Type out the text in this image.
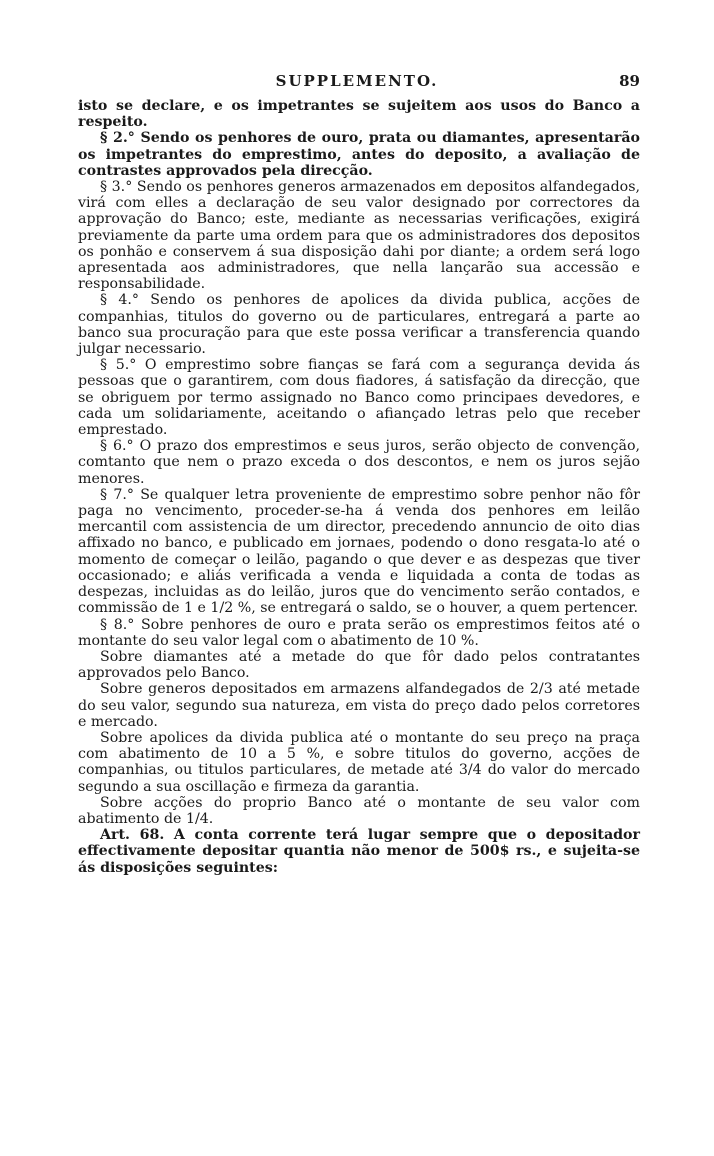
SUPPLEMENTO.	89

isto se declare, e os impetrantes se sujeitem aos usos do Banco a respeito.

§ 2.° Sendo os penhores de ouro, prata ou diamantes, apresentarão os impetrantes do emprestimo, antes do deposito, a avaliação de contrastes approvados pela direcção.

§ 3.° Sendo os penhores generos armazenados em depositos alfandegados, virá com elles a declaração de seu valor designado por correctores da approvação do Banco; este, mediante as necessarias verificações, exigirá previamente da parte uma ordem para que os administradores dos depositos os ponhão e conservem á sua disposição dahi por diante; a ordem será logo apresentada aos administradores, que nella lançarão sua accessão e responsabilidade.

§ 4.° Sendo os penhores de apolices da divida publica, acções de companhias, titulos do governo ou de particulares, entregará a parte ao banco sua procuração para que este possa verificar a transferencia quando julgar necessario.

§ 5.° O emprestimo sobre fianças se fará com a segurança devida ás pessoas que o garantirem, com dous fiadores, á satisfação da direcção, que se obriguem por termo assignado no Banco como principaes devedores, e cada um solidariamente, aceitando o afiançado letras pelo que receber emprestado.

§ 6.° O prazo dos emprestimos e seus juros, serão objecto de convenção, comtanto que nem o prazo exceda o dos descontos, e nem os juros sejão menores.

§ 7.° Se qualquer letra proveniente de emprestimo sobre penhor não fôr paga no vencimento, proceder-se-ha á venda dos penhores em leilão mercantil com assistencia de um director, precedendo annuncio de oito dias affixado no banco, e publicado em jornaes, podendo o dono resgata-lo até o momento de começar o leilão, pagando o que dever e as despezas que tiver occasionado; e aliás verificada a venda e liquidada a conta de todas as despezas, incluidas as do leilão, juros que do vencimento serão contados, e commissão de 1 e 1/2 %, se entregará o saldo, se o houver, a quem pertencer.

§ 8.° Sobre penhores de ouro e prata serão os emprestimos feitos até o montante do seu valor legal com o abatimento de 10 %.

Sobre diamantes até a metade do que fôr dado pelos contratantes approvados pelo Banco.

Sobre generos depositados em armazens alfandegados de 2/3 até metade do seu valor, segundo sua natureza, em vista do preço dado pelos corretores e mercado.

Sobre apolices da divida publica até o montante do seu preço na praça com abatimento de 10 a 5 %, e sobre titulos do governo, acções de companhias, ou titulos particulares, de metade até 3/4 do valor do mercado segundo a sua oscillação e firmeza da garantia.

Sobre acções do proprio Banco até o montante de seu valor com abatimento de 1/4.

Art. 68. A conta corrente terá lugar sempre que o depositador effectivamente depositar quantia não menor de 500$ rs., e sujeita-se ás disposições seguintes:
